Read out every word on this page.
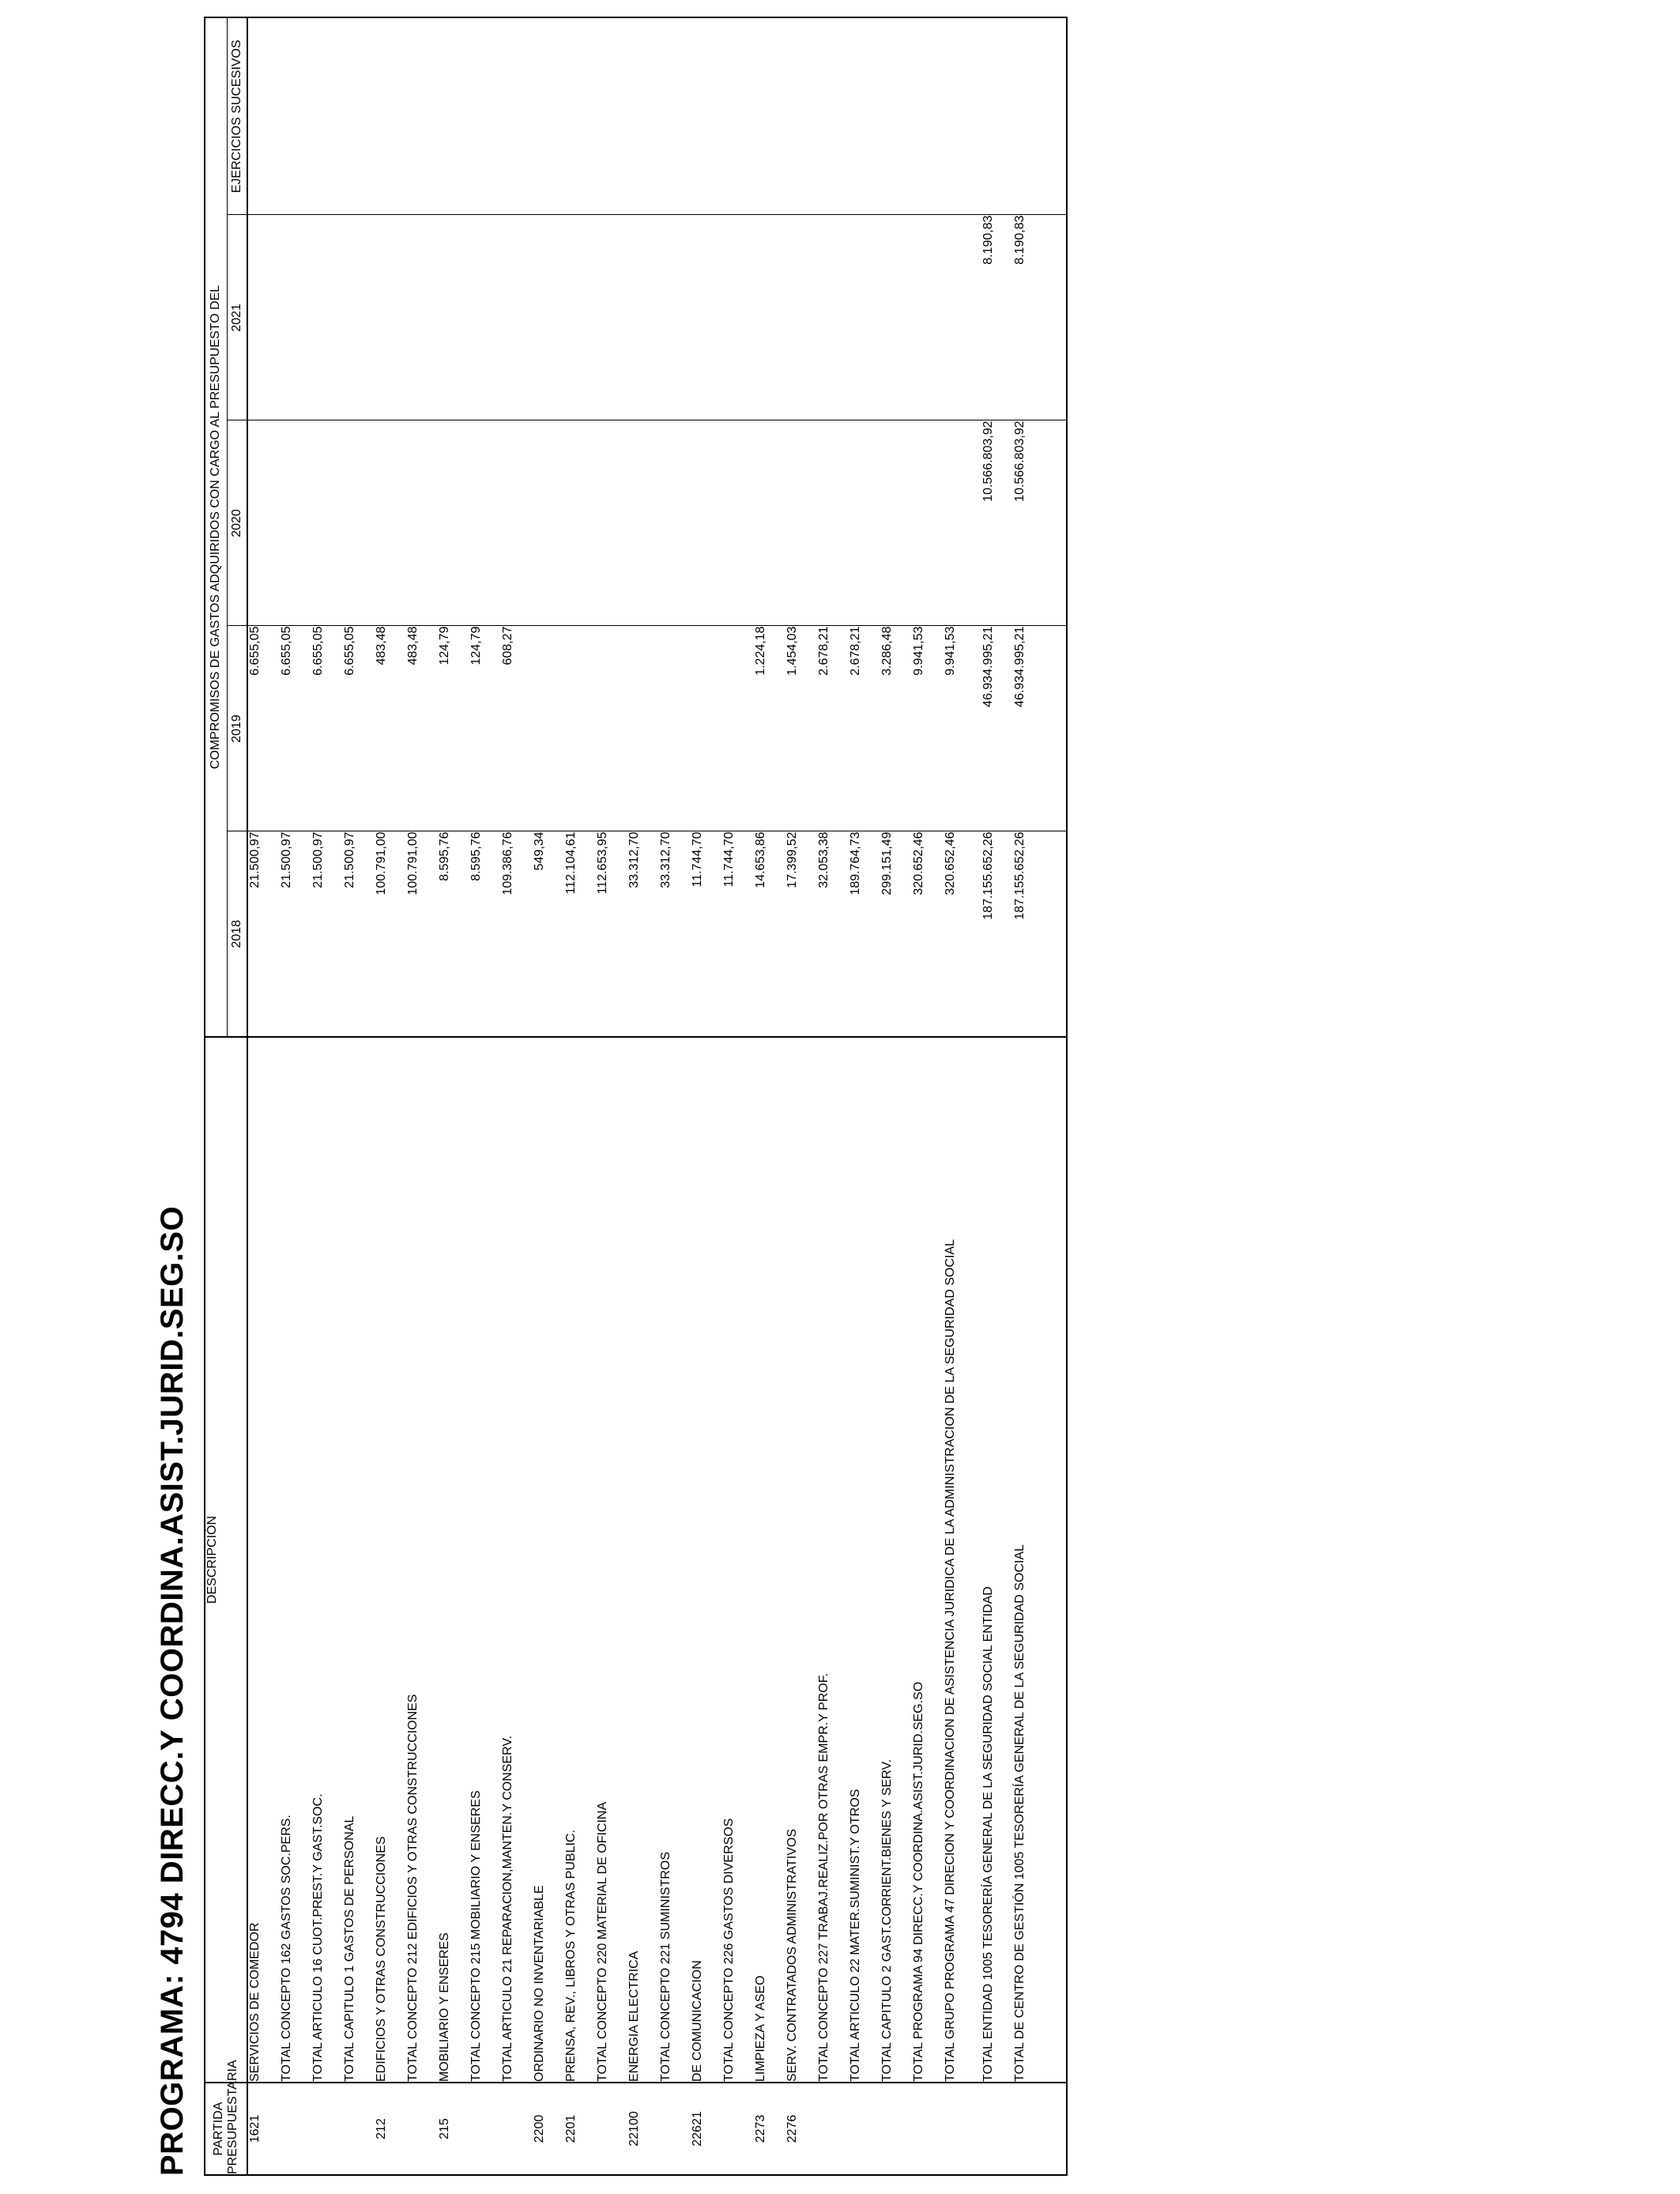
PROGRAMA: 4794 DIRECC.Y COORDINA.ASIST.JURID.SEG.SO PARTIDA PRESUPUESTARIA	DESCRIPCIÓN	COMPROMISOS DE GASTOS ADQUIRIDOS CON CARGO AL PRESUPUESTO DEL				
		2018	2019	2020	2021	EJERCICIOS SUCESIVOS
1621	SERVICIOS DE COMEDOR	21.500,97	6.655,05			
	TOTAL CONCEPTO 162 GASTOS SOC.PERS.	21.500,97	6.655,05			
	TOTAL ARTICULO 16 CUOT.PREST.Y GAST.SOC.	21.500,97	6.655,05			
	TOTAL CAPITULO 1 GASTOS DE PERSONAL	21.500,97	6.655,05			
212	EDIFICIOS Y OTRAS CONSTRUCCIONES	100.791,00	483,48			
	TOTAL CONCEPTO 212 EDIFICIOS Y OTRAS CONSTRUCCIONES	100.791,00	483,48			
215	MOBILIARIO Y ENSERES	8.595,76	124,79			
	TOTAL CONCEPTO 215 MOBILIARIO Y ENSERES	8.595,76	124,79			
	TOTAL ARTICULO 21 REPARACION,MANTEN.Y CONSERV.	109.386,76	608,27			
2200	ORDINARIO NO INVENTARIABLE	549,34				
2201	PRENSA, REV., LIBROS Y OTRAS PUBLIC.	112.104,61				
	TOTAL CONCEPTO 220 MATERIAL DE OFICINA	112.653,95				
22100	ENERGIA ELECTRICA	33.312,70				
	TOTAL CONCEPTO 221 SUMINISTROS	33.312,70				
22621	DE COMUNICACION	11.744,70				
	TOTAL CONCEPTO 226 GASTOS DIVERSOS	11.744,70				
2273	LIMPIEZA Y ASEO	14.653,86	1.224,18			
2276	SERV. CONTRATADOS ADMINISTRATIVOS	17.399,52	1.454,03			
	TOTAL CONCEPTO 227 TRABAJ.REALIZ.POR OTRAS EMPR.Y PROF.	32.053,38	2.678,21			
	TOTAL ARTICULO 22 MATER.SUMINIST.Y OTROS	189.764,73	2.678,21			
	TOTAL CAPITULO 2 GAST.CORRIENT.BIENES Y SERV.	299.151,49	3.286,48			
	TOTAL PROGRAMA 94 DIRECC.Y COORDINA.ASIST.JURID.SEG.SO	320.652,46	9.941,53			
	TOTAL GRUPO PROGRAMA 47 DIRECION Y COORDINACION DE ASISTENCIA JURIDICA DE LA ADMINISTRACION DE LA SEGURIDAD SOCIAL	320.652,46	9.941,53			
	TOTAL ENTIDAD 1005 TESORERÍA GENERAL DE LA SEGURIDAD SOCIAL ENTIDAD	187.155.652,26	46.934.995,21	10.566.803,92	8.190,83	
	TOTAL DE CENTRO DE GESTIÓN 1005 TESORERÍA GENERAL DE LA SEGURIDAD SOCIAL	187.155.652,26	46.934.995,21	10.566.803,92	8.190,83	
